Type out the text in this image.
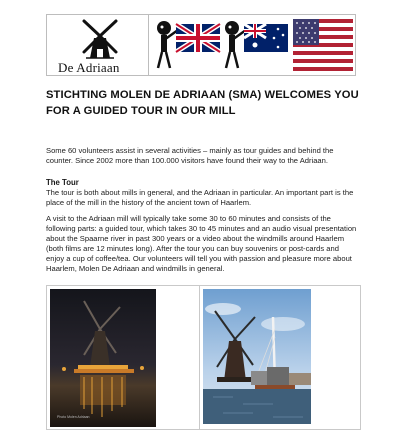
De Adriaan
STICHTING MOLEN DE ADRIAAN (SMA) WELCOMES YOU FOR A GUIDED TOUR IN OUR MILL
Some 60 volunteers assist in several activities – mainly as tour guides and behind the counter. Since 2002 more than 100.000 visitors have found their way to the Adriaan.
The Tour
The tour is both about mills in general, and the Adriaan in particular. An important part is the place of the mill in the history of the ancient town of Haarlem.
A visit to the Adriaan mill will typically take some 30 to 60 minutes and consists of the following parts: a guided tour, which takes 30 to 45 minutes and an audio visual presentation about the Spaarne river in past 300 years or a video about the windmills around Haarlem (both films are 12 minutes long). After the tour you can buy souvenirs or post-cards and enjoy a cup of coffee/tea. Our volunteers will tell you with passion and pleasure more about Haarlem, Molen De Adriaan and windmills in general.
Photo Molen Adriaan
